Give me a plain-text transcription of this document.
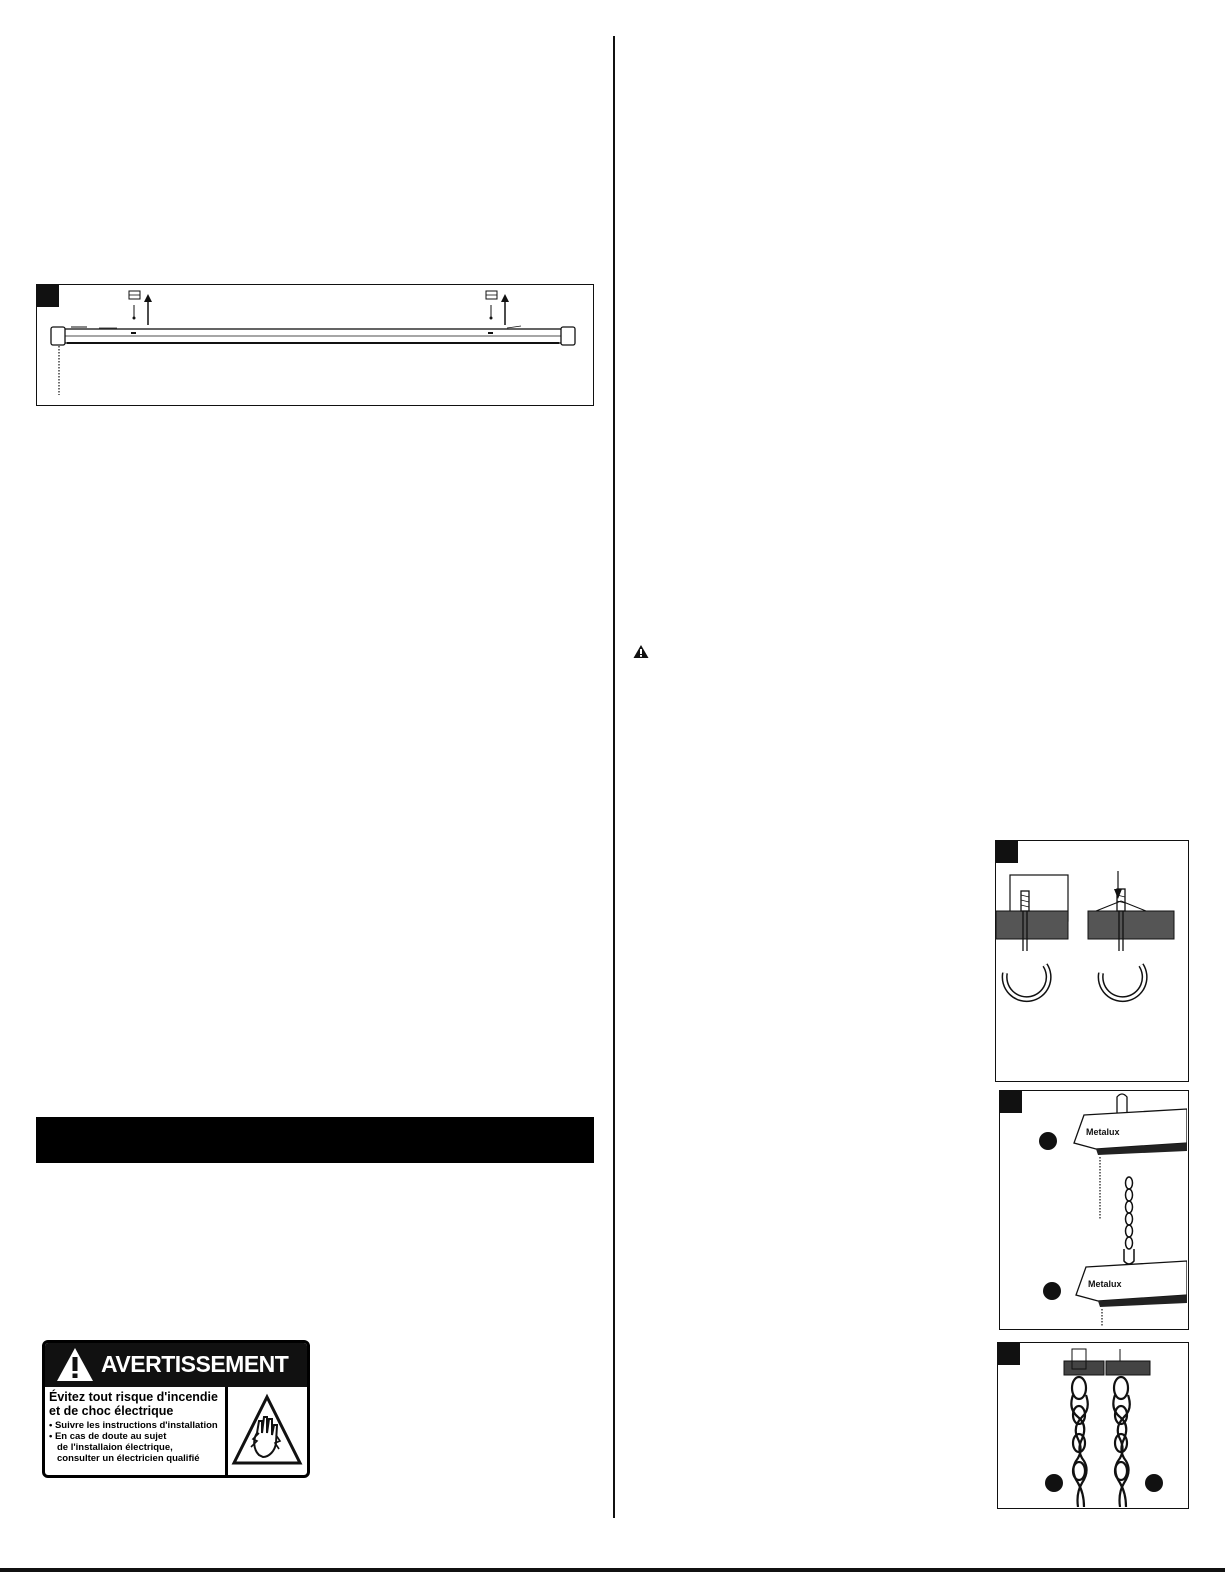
AVERTISSEMENT
Évitez tout risque d'incendie
et de choc électrique
• Suivre les instructions d'installation
• En cas de doute au sujet
de l'installaion électrique,
consulter un électricien qualifié
Metalux
Metalux
